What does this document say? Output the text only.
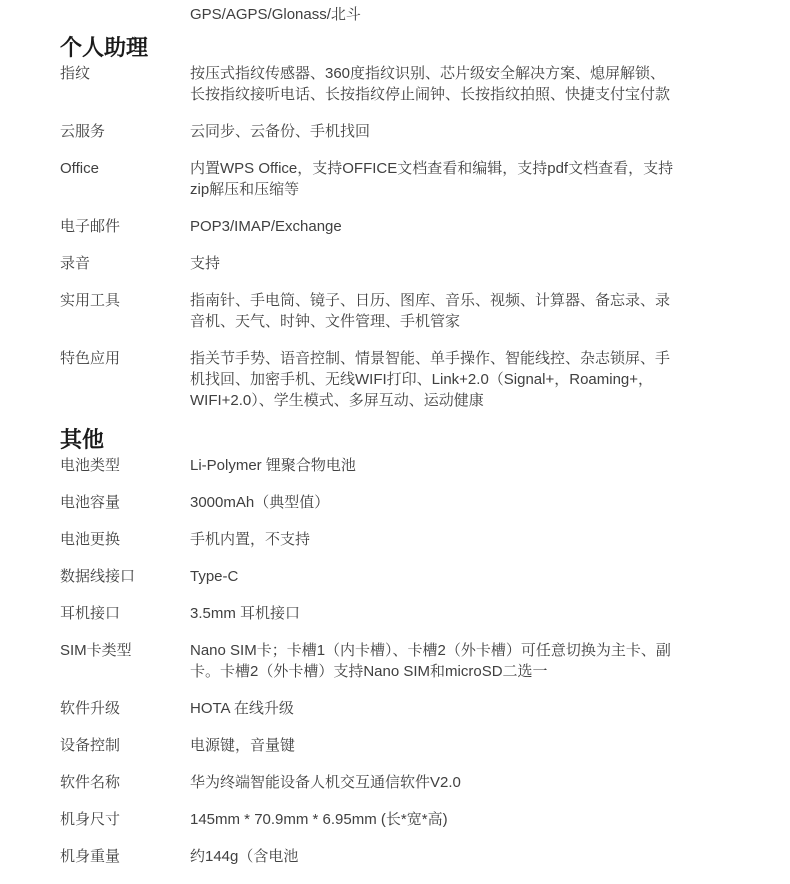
GPS/AGPS/Glonass/北斗
个人助理
指纹	按压式指纹传感器、360度指纹识别、芯片级安全解决方案、熄屏解锁、长按指纹接听电话、长按指纹停止闹钟、长按指纹拍照、快捷支付宝付款
云服务	云同步、云备份、手机找回
Office	内置WPS Office，支持OFFICE文档查看和编辑，支持pdf文档查看，支持zip解压和压缩等
电子邮件	POP3/IMAP/Exchange
录音	支持
实用工具	指南针、手电筒、镜子、日历、图库、音乐、视频、计算器、备忘录、录音机、天气、时钟、文件管理、手机管家
特色应用	指关节手势、语音控制、情景智能、单手操作、智能线控、杂志锁屏、手机找回、加密手机、无线WIFI打印、Link+2.0（Signal+，Roaming+，WIFI+2.0）、学生模式、多屏互动、运动健康
其他
电池类型	Li-Polymer 锂聚合物电池
电池容量	3000mAh（典型值）
电池更换	手机内置，不支持
数据线接口	Type-C
耳机接口	3.5mm 耳机接口
SIM卡类型	Nano SIM卡；卡槽1（内卡槽）、卡槽2（外卡槽）可任意切换为主卡、副卡。卡槽2（外卡槽）支持Nano SIM和microSD二选一
软件升级	HOTA 在线升级
设备控制	电源键，音量键
软件名称	华为终端智能设备人机交互通信软件V2.0
机身尺寸	145mm * 70.9mm * 6.95mm (长*宽*高)
机身重量	约144g（含电池
